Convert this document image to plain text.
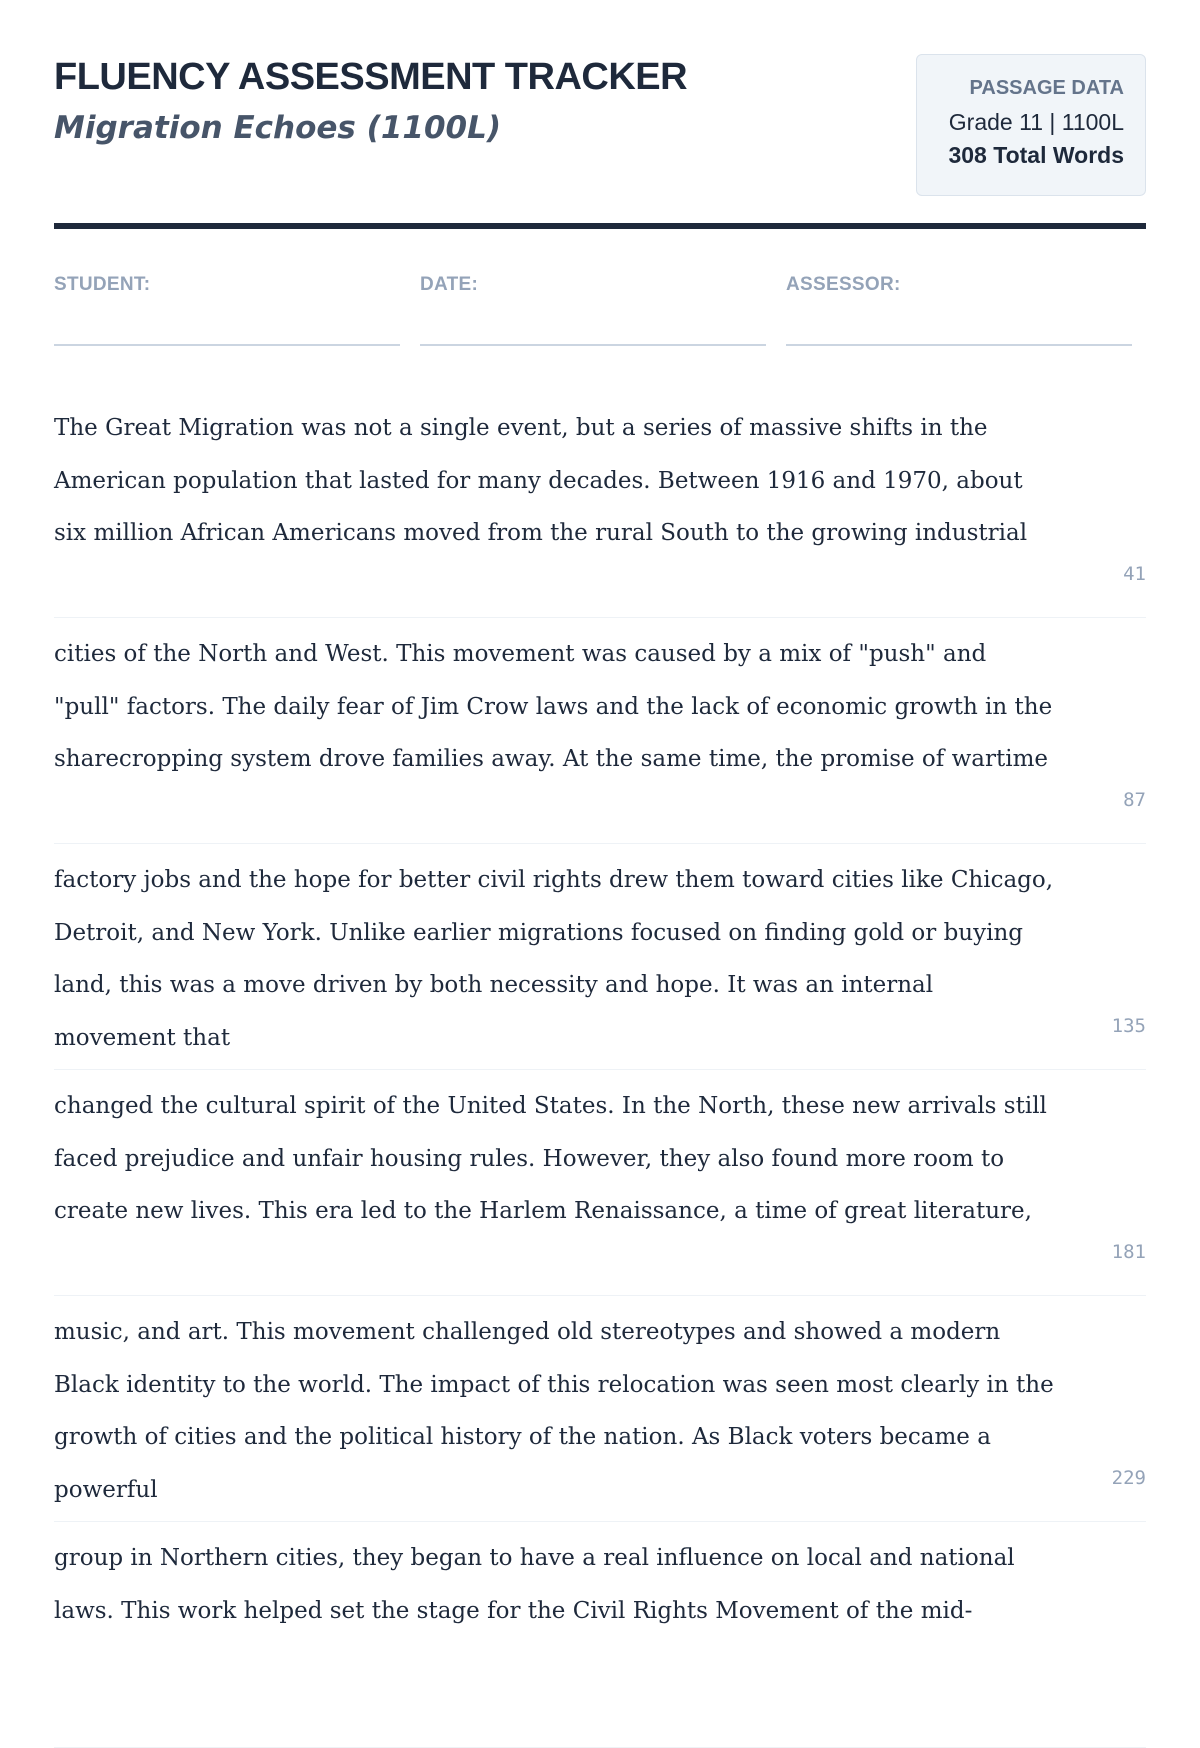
FLUENCY ASSESSMENT TRACKER
Migration Echoes (1100L)
PASSAGE DATA
Grade 11 | 1100L
308 Total Words
STUDENT:	DATE:	ASSESSOR:

The Great Migration was not a single event, but a series of massive shifts in the American population that lasted for many decades. Between 1916 and 1970, about six million African Americans moved from the rural South to the growing industrial

41

cities of the North and West. This movement was caused by a mix of "push" and "pull" factors. The daily fear of Jim Crow laws and the lack of economic growth in the sharecropping system drove families away. At the same time, the promise of wartime

87

factory jobs and the hope for better civil rights drew them toward cities like Chicago, Detroit, and New York. Unlike earlier migrations focused on finding gold or buying land, this was a move driven by both necessity and hope. It was an internal movement that	135

changed the cultural spirit of the United States. In the North, these new arrivals still faced prejudice and unfair housing rules. However, they also found more room to create new lives. This era led to the Harlem Renaissance, a time of great literature,

181

music, and art. This movement challenged old stereotypes and showed a modern Black identity to the world. The impact of this relocation was seen most clearly in the growth of cities and the political history of the nation. As Black voters became a powerful	229

group in Northern cities, they began to have a real influence on local and national laws. This work helped set the stage for the Civil Rights Movement of the mid-
